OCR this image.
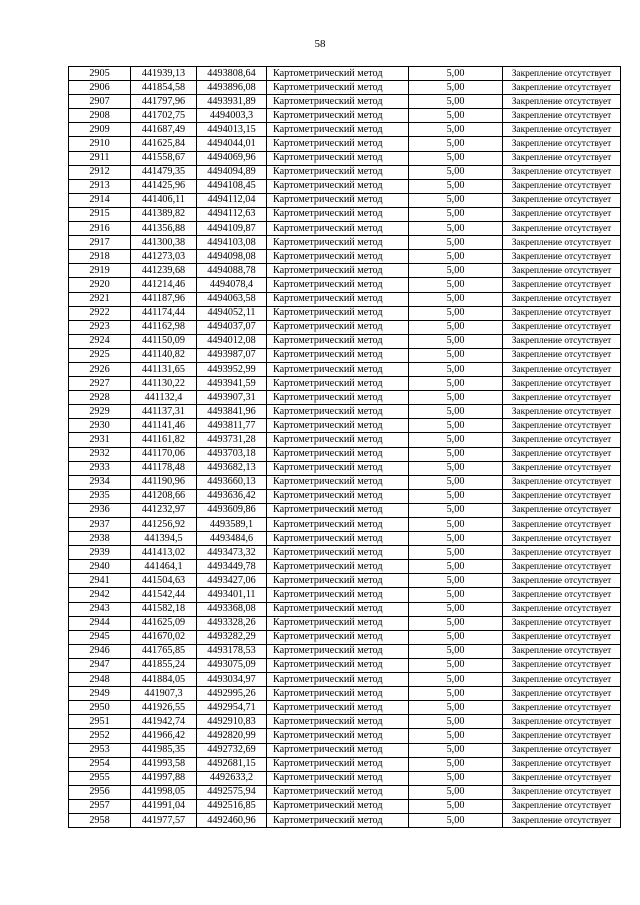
58
2905	441939,13	4493808,64	Картометрический метод	5,00	Закрепление отсутствует
2906	441854,58	4493896,08	Картометрический метод	5,00	Закрепление отсутствует
2907	441797,96	4493931,89	Картометрический метод	5,00	Закрепление отсутствует
2908	441702,75	4494003,3	Картометрический метод	5,00	Закрепление отсутствует
2909	441687,49	4494013,15	Картометрический метод	5,00	Закрепление отсутствует
2910	441625,84	4494044,01	Картометрический метод	5,00	Закрепление отсутствует
2911	441558,67	4494069,96	Картометрический метод	5,00	Закрепление отсутствует
2912	441479,35	4494094,89	Картометрический метод	5,00	Закрепление отсутствует
2913	441425,96	4494108,45	Картометрический метод	5,00	Закрепление отсутствует
2914	441406,11	4494112,04	Картометрический метод	5,00	Закрепление отсутствует
2915	441389,82	4494112,63	Картометрический метод	5,00	Закрепление отсутствует
2916	441356,88	4494109,87	Картометрический метод	5,00	Закрепление отсутствует
2917	441300,38	4494103,08	Картометрический метод	5,00	Закрепление отсутствует
2918	441273,03	4494098,08	Картометрический метод	5,00	Закрепление отсутствует
2919	441239,68	4494088,78	Картометрический метод	5,00	Закрепление отсутствует
2920	441214,46	4494078,4	Картометрический метод	5,00	Закрепление отсутствует
2921	441187,96	4494063,58	Картометрический метод	5,00	Закрепление отсутствует
2922	441174,44	4494052,11	Картометрический метод	5,00	Закрепление отсутствует
2923	441162,98	4494037,07	Картометрический метод	5,00	Закрепление отсутствует
2924	441150,09	4494012,08	Картометрический метод	5,00	Закрепление отсутствует
2925	441140,82	4493987,07	Картометрический метод	5,00	Закрепление отсутствует
2926	441131,65	4493952,99	Картометрический метод	5,00	Закрепление отсутствует
2927	441130,22	4493941,59	Картометрический метод	5,00	Закрепление отсутствует
2928	441132,4	4493907,31	Картометрический метод	5,00	Закрепление отсутствует
2929	441137,31	4493841,96	Картометрический метод	5,00	Закрепление отсутствует
2930	441141,46	4493811,77	Картометрический метод	5,00	Закрепление отсутствует
2931	441161,82	4493731,28	Картометрический метод	5,00	Закрепление отсутствует
2932	441170,06	4493703,18	Картометрический метод	5,00	Закрепление отсутствует
2933	441178,48	4493682,13	Картометрический метод	5,00	Закрепление отсутствует
2934	441190,96	4493660,13	Картометрический метод	5,00	Закрепление отсутствует
2935	441208,66	4493636,42	Картометрический метод	5,00	Закрепление отсутствует
2936	441232,97	4493609,86	Картометрический метод	5,00	Закрепление отсутствует
2937	441256,92	4493589,1	Картометрический метод	5,00	Закрепление отсутствует
2938	441394,5	4493484,6	Картометрический метод	5,00	Закрепление отсутствует
2939	441413,02	4493473,32	Картометрический метод	5,00	Закрепление отсутствует
2940	441464,1	4493449,78	Картометрический метод	5,00	Закрепление отсутствует
2941	441504,63	4493427,06	Картометрический метод	5,00	Закрепление отсутствует
2942	441542,44	4493401,11	Картометрический метод	5,00	Закрепление отсутствует
2943	441582,18	4493368,08	Картометрический метод	5,00	Закрепление отсутствует
2944	441625,09	4493328,26	Картометрический метод	5,00	Закрепление отсутствует
2945	441670,02	4493282,29	Картометрический метод	5,00	Закрепление отсутствует
2946	441765,85	4493178,53	Картометрический метод	5,00	Закрепление отсутствует
2947	441855,24	4493075,09	Картометрический метод	5,00	Закрепление отсутствует
2948	441884,05	4493034,97	Картометрический метод	5,00	Закрепление отсутствует
2949	441907,3	4492995,26	Картометрический метод	5,00	Закрепление отсутствует
2950	441926,55	4492954,71	Картометрический метод	5,00	Закрепление отсутствует
2951	441942,74	4492910,83	Картометрический метод	5,00	Закрепление отсутствует
2952	441966,42	4492820,99	Картометрический метод	5,00	Закрепление отсутствует
2953	441985,35	4492732,69	Картометрический метод	5,00	Закрепление отсутствует
2954	441993,58	4492681,15	Картометрический метод	5,00	Закрепление отсутствует
2955	441997,88	4492633,2	Картометрический метод	5,00	Закрепление отсутствует
2956	441998,05	4492575,94	Картометрический метод	5,00	Закрепление отсутствует
2957	441991,04	4492516,85	Картометрический метод	5,00	Закрепление отсутствует
2958	441977,57	4492460,96	Картометрический метод	5,00	Закрепление отсутствует
